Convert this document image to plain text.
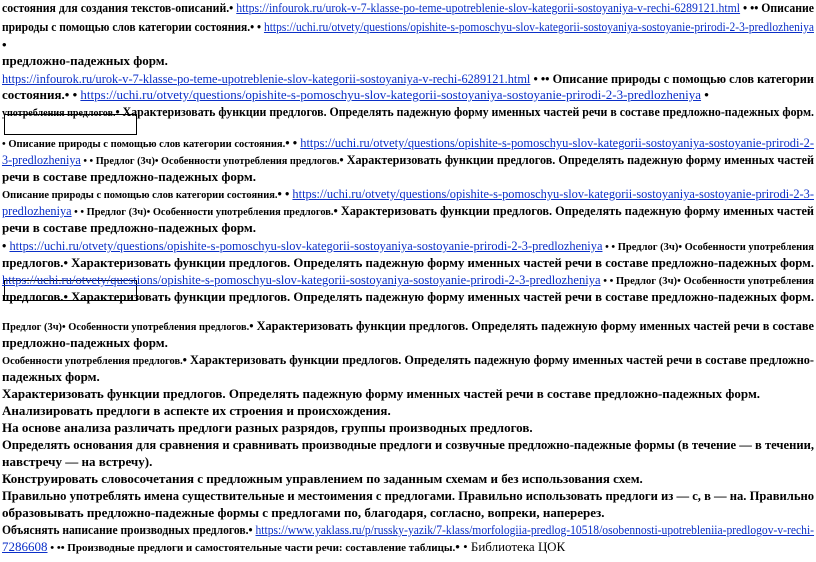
состояния для создания текстов-описаний.• https://infourok.ru/urok-v-7-klasse-po-teme-upotreblenie-slov-kategorii-sostoyaniya-v-rechi-6289121.html • •• Описание
природы с помощью слов категории состояния.• • https://uchi.ru/otvety/questions/opishite-s-pomoschyu-slov-kategorii-sostoyaniya-sostoyanie-prirodi-2-3-predlozheniya
•
предложно-падежных форм.
https://infourok.ru/urok-v-7-klasse-po-teme-upotreblenie-slov-kategorii-sostoyaniya-v-rechi-6289121.html • •• Описание природы с помощью слов категории
состояния.• • https://uchi.ru/otvety/questions/opishite-s-pomoschyu-slov-kategorii-sostoyaniya-sostoyanie-prirodi-2-3-predlozheniya •
употребления предлогов.• Характеризовать функции предлогов. Определять падежную форму именных частей речи в составе предложно-падежных форм.
• Описание природы с помощью слов категории состояния.• • https://uchi.ru/otvety/questions/opishite-s-pomoschyu-slov-kategorii-sostoyaniya-sostoyanie-prirodi-2-
3-predlozheniya • • Предлог (3ч)• Особенности употребления предлогов.• Характеризовать функции предлогов. Определять падежную форму именных частей
речи в составе предложно-падежных форм.
Описание природы с помощью слов категории состояния.• • https://uchi.ru/otvety/questions/opishite-s-pomoschyu-slov-kategorii-sostoyaniya-sostoyanie-prirodi-2-3-
predlozheniya • • Предлог (3ч)• Особенности употребления предлогов.• Характеризовать функции предлогов. Определять падежную форму именных частей
речи в составе предложно-падежных форм.
• https://uchi.ru/otvety/questions/opishite-s-pomoschyu-slov-kategorii-sostoyaniya-sostoyanie-prirodi-2-3-predlozheniya • • Предлог (3ч)• Особенности употребления
предлогов.• Характеризовать функции предлогов. Определять падежную форму именных частей речи в составе предложно-падежных форм.
https://uchi.ru/otvety/questions/opishite-s-pomoschyu-slov-kategorii-sostoyaniya-sostoyanie-prirodi-2-3-predlozheniya • • Предлог (3ч)• Особенности употребления
предлогов.• Характеризовать функции предлогов. Определять падежную форму именных частей речи в составе предложно-падежных форм.
Предлог (3ч)• Особенности употребления предлогов.• Характеризовать функции предлогов. Определять падежную форму именных частей речи в составе
предложно-падежных форм.
Особенности употребления предлогов.• Характеризовать функции предлогов. Определять падежную форму именных частей речи в составе предложно-
падежных форм.
Характеризовать функции предлогов. Определять падежную форму именных частей речи в составе предложно-падежных форм.
Анализировать предлоги в аспекте их строения и происхождения.
На основе анализа различать предлоги разных разрядов, группы производных предлогов.
Определять основания для сравнения и сравнивать производные предлоги и созвучные предложно-падежные формы (в течение — в течении,
навстречу — на встречу).
Конструировать словосочетания с предложным управлением по заданным схемам и без использования схем.
Правильно употреблять имена существительные и местоимения с предлогами. Правильно использовать предлоги из — с, в — на. Правильно
образовывать предложно-падежные формы с предлогами по, благодаря, согласно, вопреки, наперерез.
Объяснять написание производных предлогов.• https://www.yaklass.ru/p/russky-yazik/7-klass/morfologiia-predlog-10518/osobennosti-upotrebleniia-predlogov-v-rechi-
7286608 • •• Производные предлоги и самостоятельные части речи: составление таблицы.• • Библиотека ЦОК
